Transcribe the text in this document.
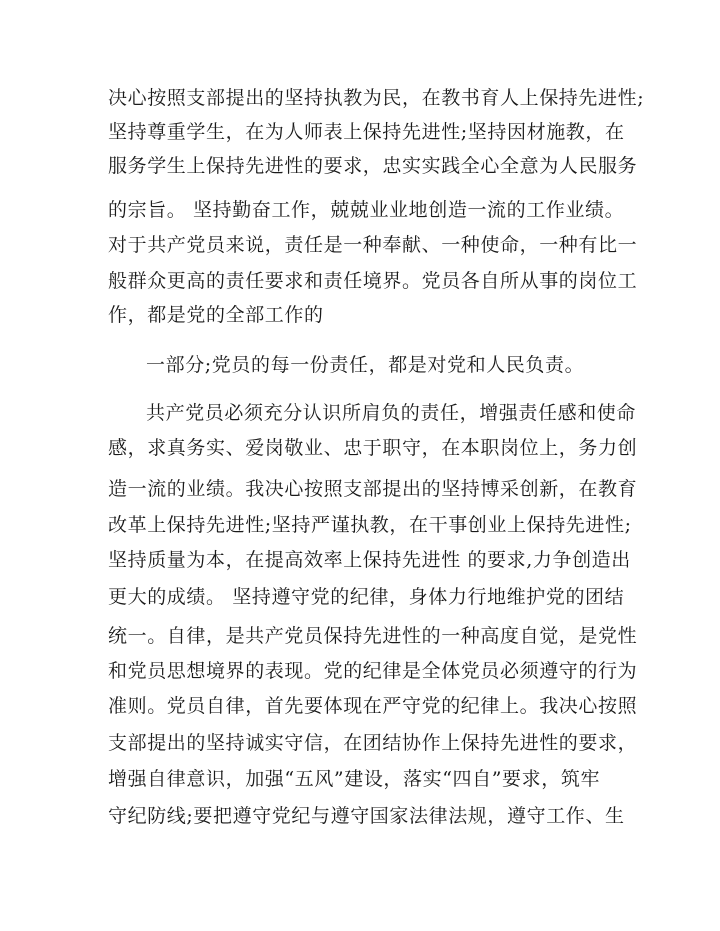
决心按照支部提出的坚持执教为民，在教书育人上保持先进性;
坚持尊重学生，在为人师表上保持先进性;坚持因材施教，在
服务学生上保持先进性的要求，忠实实践全心全意为人民服务
的宗旨。 坚持勤奋工作，兢兢业业地创造一流的工作业绩。
对于共产党员来说，责任是一种奉献、一种使命，一种有比一
般群众更高的责任要求和责任境界。党员各自所从事的岗位工
作，都是党的全部工作的
一部分;党员的每一份责任，都是对党和人民负责。
共产党员必须充分认识所肩负的责任，增强责任感和使命
感，求真务实、爱岗敬业、忠于职守，在本职岗位上，务力创
造一流的业绩。我决心按照支部提出的坚持博采创新，在教育
改革上保持先进性;坚持严谨执教，在干事创业上保持先进性;
坚持质量为本，在提高效率上保持先进性 的要求,力争创造出
更大的成绩。 坚持遵守党的纪律，身体力行地维护党的团结
统一。自律，是共产党员保持先进性的一种高度自觉，是党性
和党员思想境界的表现。党的纪律是全体党员必须遵守的行为
准则。党员自律，首先要体现在严守党的纪律上。我决心按照
支部提出的坚持诚实守信，在团结协作上保持先进性的要求，
增强自律意识，加强“五风”建设，落实“四自”要求，筑牢
守纪防线;要把遵守党纪与遵守国家法律法规，遵守工作、生
